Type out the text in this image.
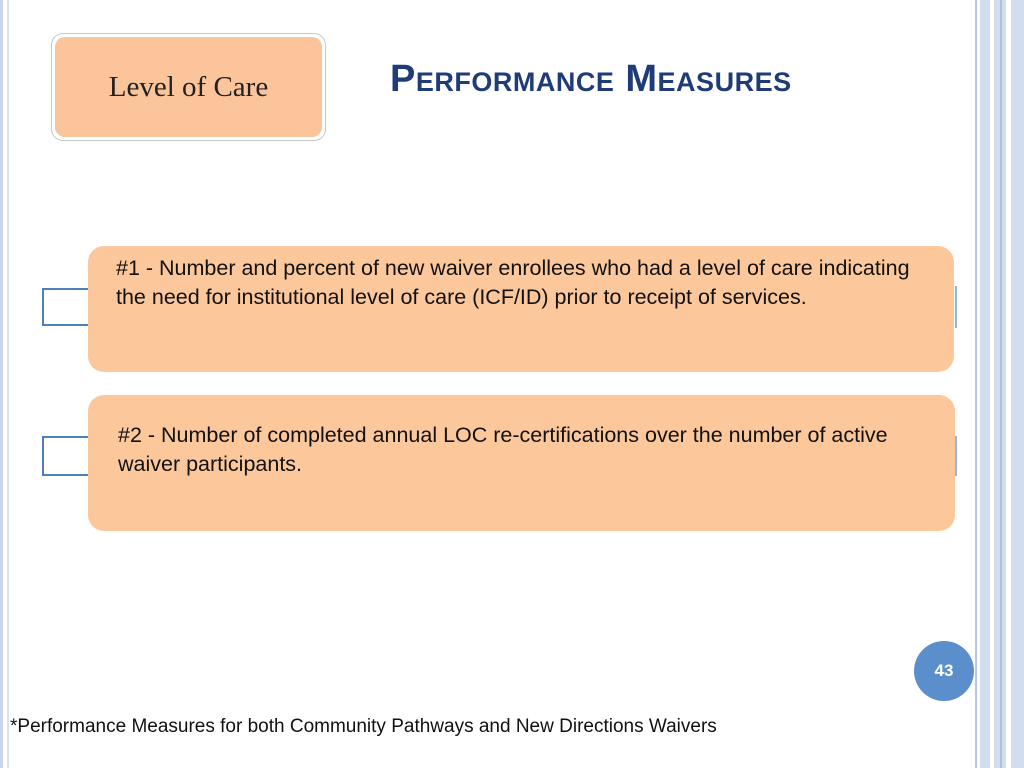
Level of Care	Performance Measures
#1 - Number and percent of new waiver enrollees who had a level of care indicating the need for institutional level of care (ICF/ID) prior to receipt of services.
#2 - Number of completed annual LOC re-certifications over the number of active waiver participants.
43
*Performance Measures for both Community Pathways and New Directions Waivers
